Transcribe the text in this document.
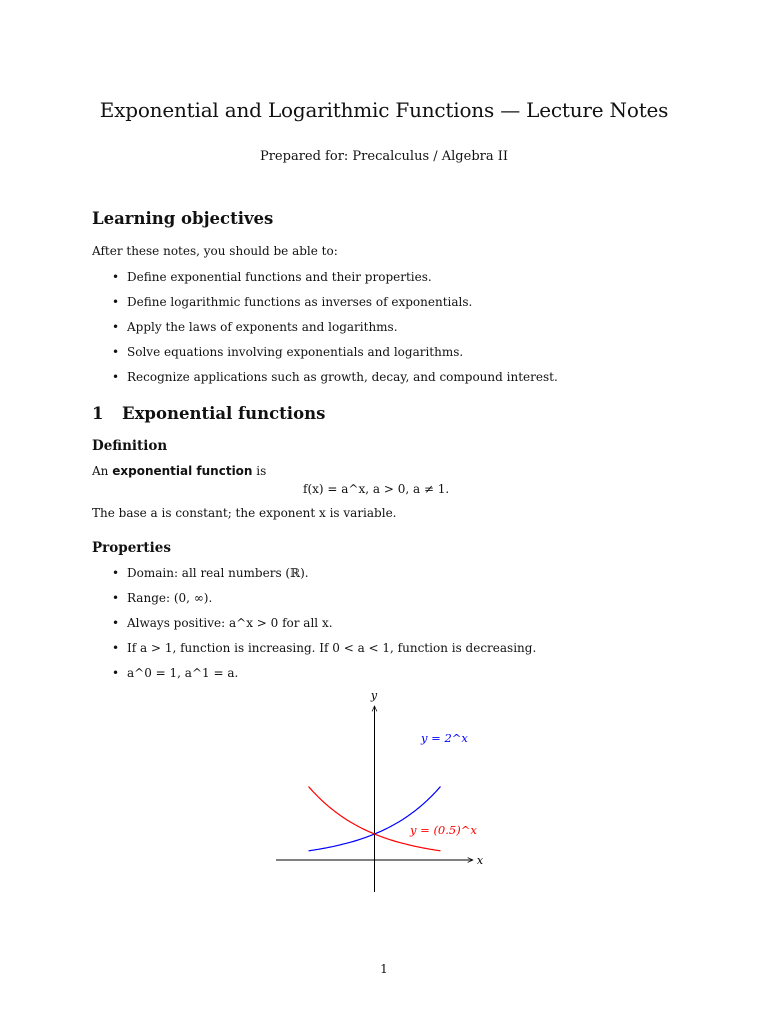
Exponential and Logarithmic Functions — Lecture Notes
Prepared for: Precalculus / Algebra II
Learning objectives
After these notes, you should be able to:
• Define exponential functions and their properties.
• Define logarithmic functions as inverses of exponentials.
• Apply the laws of exponents and logarithms.
• Solve equations involving exponentials and logarithms.
• Recognize applications such as growth, decay, and compound interest.
1 Exponential functions
Definition
An exponential function is
f(x) = a^x, a > 0, a ≠ 1.
The base a is constant; the exponent x is variable.
Properties
• Domain: all real numbers (ℝ).
• Range: (0, ∞).
• Always positive: a^x > 0 for all x.
• If a > 1, function is increasing. If 0 < a < 1, function is decreasing.
• a^0 = 1, a^1 = a.
x
y
y = 2^x
y = (0.5)^x
1
